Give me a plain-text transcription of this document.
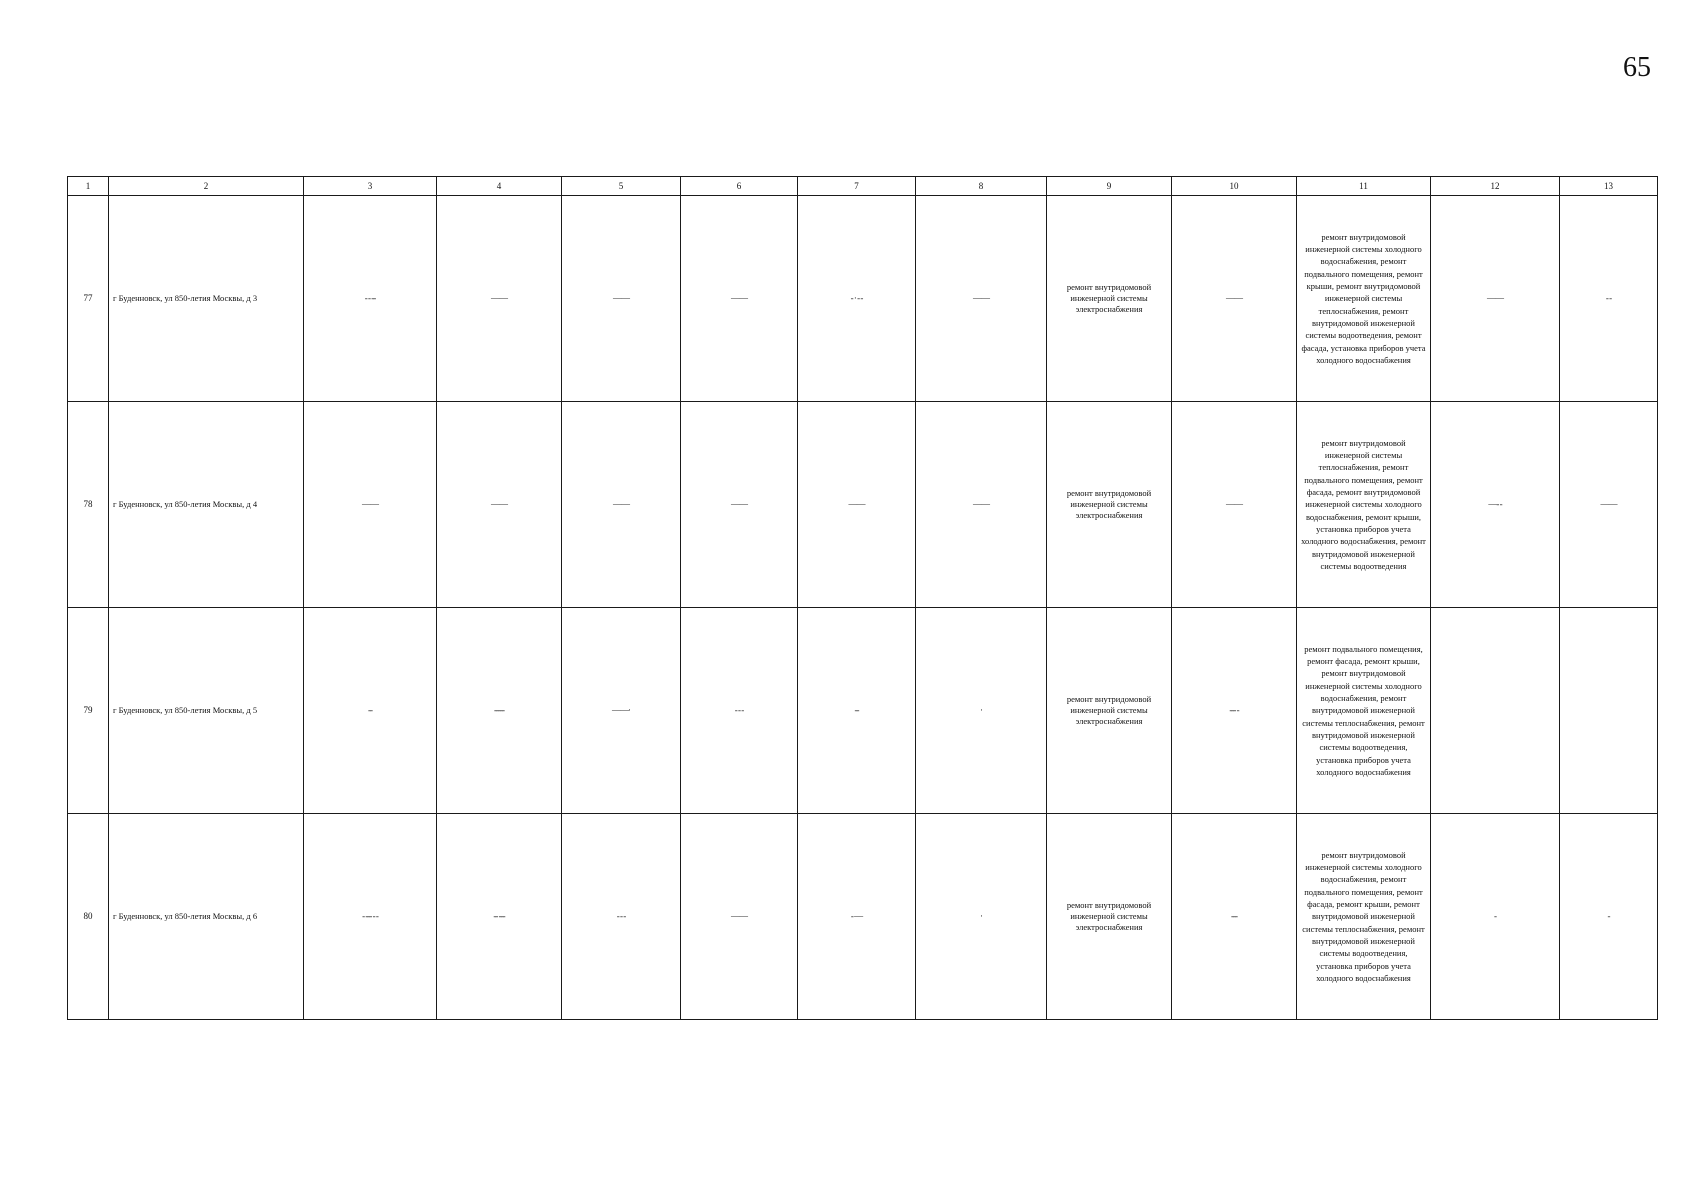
65
1	2	3	4	5	6	7	8	9	10	11	12	13
77	г Буденновск, ул 850-летия Москвы, д 3	- - --	——	——	——	- · - -	——	ремонт внутридомовой инженерной системы электроснабжения	——	ремонт внутридомовой инженерной системы холодного водоснабжения, ремонт подвального помещения, ремонт крыши, ремонт внутридомовой инженерной системы теплоснабжения, ремонт внутридомовой инженерной системы водоотведения, ремонт фасада, установка приборов учета холодного водоснабжения	——	- -
78	г Буденновск, ул 850-летия Москвы, д 4	——	——	——	——	——	——	ремонт внутридомовой инженерной системы электроснабжения	——	ремонт внутридомовой инженерной системы теплоснабжения, ремонт подвального помещения, ремонт фасада, ремонт внутридомовой инженерной системы холодного водоснабжения, ремонт крыши, установка приборов учета холодного водоснабжения, ремонт внутридомовой инженерной системы водоотведения	—- -	——
79	г Буденновск, ул 850-летия Москвы, д 5	--	-----	——·	- - -	--	·	ремонт внутридомовой инженерной системы электроснабжения	--- -	ремонт подвального помещения, ремонт фасада, ремонт крыши, ремонт внутридомовой инженерной системы холодного водоснабжения, ремонт внутридомовой инженерной системы теплоснабжения, ремонт внутридомовой инженерной системы водоотведения, установка приборов учета холодного водоснабжения		
80	г Буденновск, ул 850-летия Москвы, д 6	- --- - -	-- ---	- - -	——	- —	·	ремонт внутридомовой инженерной системы электроснабжения	---	ремонт внутридомовой инженерной системы холодного водоснабжения, ремонт подвального помещения, ремонт фасада, ремонт крыши, ремонт внутридомовой инженерной системы теплоснабжения, ремонт внутридомовой инженерной системы водоотведения, установка приборов учета холодного водоснабжения	-	-
